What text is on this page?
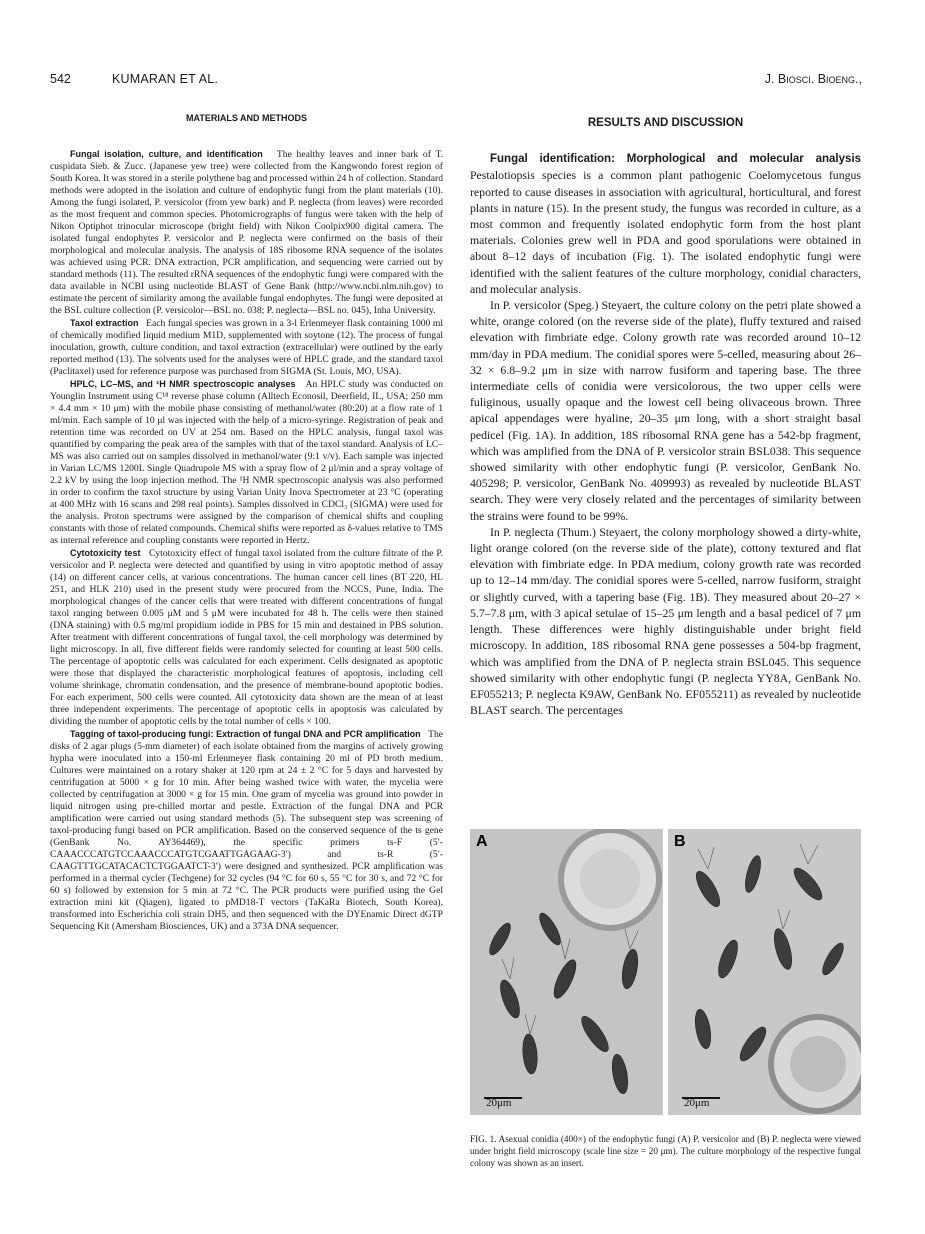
542	KUMARAN ET AL.	J. Biosci. Bioeng.,
MATERIALS AND METHODS

Fungal isolation, culture, and identification The healthy leaves and inner bark of T. cuspidata Sieb. & Zucc. (Japanese yew tree) were collected from the Kangwondo forest region of South Korea. It was stored in a sterile polythene bag and processed within 24 h of collection. Standard methods were adopted in the isolation and culture of endophytic fungi from the plant materials (10). Among the fungi isolated, P. versicolor (from yew bark) and P. neglecta (from leaves) were recorded as the most frequent and common species. Photomicrographs of fungus were taken with the help of Nikon Optiphot trinocular microscope (bright field) with Nikon Coolpix900 digital camera. The isolated fungal endophytes P. versicolor and P. neglecta were confirmed on the basis of their morphological and molecular analysis. The analysis of 18S ribosome RNA sequence of the isolates was achieved using PCR. DNA extraction, PCR amplification, and sequencing were carried out by standard methods (11). The resulted rRNA sequences of the endophytic fungi were compared with the data available in NCBI using nucleotide BLAST of Gene Bank (http://www.ncbi.nlm.nih.gov) to estimate the percent of similarity among the available fungal endophytes. The fungi were deposited at the BSL culture collection (P. versicolor—BSL no. 038; P. neglecta—BSL no. 045), Inha University.

Taxol extraction Each fungal species was grown in a 3-l Erlenmeyer flask containing 1000 ml of chemically modified liquid medium M1D, supplemented with soytone (12). The process of fungal inoculation, growth, culture condition, and taxol extraction (extracellular) were outlined by the early reported method (13). The solvents used for the analyses were of HPLC grade, and the standard taxol (Paclitaxel) used for reference purpose was purchased from SIGMA (St. Louis, MO, USA).

HPLC, LC–MS, and ¹H NMR spectroscopic analyses An HPLC study was conducted on Younglin Instrument using C¹⁸ reverse phase column (Alltech Econosil, Deerfield, IL, USA; 250 mm × 4.4 mm × 10 μm) with the mobile phase consisting of methanol/water (80:20) at a flow rate of 1 ml/min. Each sample of 10 μl was injected with the help of a micro-syringe. Registration of peak and retention time was recorded on UV at 254 nm. Based on the HPLC analysis, fungal taxol was quantified by comparing the peak area of the samples with that of the taxol standard. Analysis of LC–MS was also carried out on samples dissolved in methanol/water (9:1 v/v). Each sample was injected in Varian LC/MS 1200L Single Quadrupole MS with a spray flow of 2 μl/min and a spray voltage of 2.2 kV by using the loop injection method. The ¹H NMR spectroscopic analysis was also performed in order to confirm the taxol structure by using Varian Unity Inova Spectrometer at 23 °C (operating at 400 MHz with 16 scans and 298 real points). Samples dissolved in CDCl₃ (SIGMA) were used for the analysis. Proton spectrums were assigned by the comparison of chemical shifts and coupling constants with those of related compounds. Chemical shifts were reported as δ-values relative to TMS as internal reference and coupling constants were reported in Hertz.

Cytotoxicity test Cytotoxicity effect of fungal taxol isolated from the culture filtrate of the P. versicolor and P. neglecta were detected and quantified by using in vitro apoptotic method of assay (14) on different cancer cells, at various concentrations. The human cancer cell lines (BT 220, HL 251, and HLK 210) used in the present study were procured from the NCCS, Pune, India. The morphological changes of the cancer cells that were treated with different concentrations of fungal taxol ranging between 0.005 μM and 5 μM were incubated for 48 h. The cells were then stained (DNA staining) with 0.5 mg/ml propidium iodide in PBS for 15 min and destained in PBS solution. After treatment with different concentrations of fungal taxol, the cell morphology was determined by light microscopy. In all, five different fields were randomly selected for counting at least 500 cells. The percentage of apoptotic cells was calculated for each experiment. Cells designated as apoptotic were those that displayed the characteristic morphological features of apoptosis, including cell volume shrinkage, chromatin condensation, and the presence of membrane-bound apoptotic bodies. For each experiment, 500 cells were counted. All cytotoxicity data shown are the mean of at least three independent experiments. The percentage of apoptotic cells in apoptosis was calculated by dividing the number of apoptotic cells by the total number of cells × 100.

Tagging of taxol-producing fungi: Extraction of fungal DNA and PCR amplification The disks of 2 agar plugs (5-mm diameter) of each isolate obtained from the margins of actively growing hypha were inoculated into a 150-ml Erlenmeyer flask containing 20 ml of PD broth medium. Cultures were maintained on a rotary shaker at 120 rpm at 24 ± 2 °C for 5 days and harvested by centrifugation at 5000 × g for 10 min. After being washed twice with water, the mycelia were collected by centrifugation at 3000 × g for 15 min. One gram of mycelia was ground into powder in liquid nitrogen using pre-chilled mortar and pestle. Extraction of the fungal DNA and PCR amplification were carried out using standard methods (5). The subsequent step was screening of taxol-producing fungi based on PCR amplification. Based on the conserved sequence of the ts gene (GenBank No. AY364469), the specific primers ts-F (5′-CAAACCCATGTCCAAACCCATGTCGAATTGAGAAG-3′) and ts-R (5′-CAAGTTTGCATACACTCTGGAATCT-3′) were designed and synthesized. PCR amplification was performed in a thermal cycler (Techgene) for 32 cycles (94 °C for 60 s, 55 °C for 30 s, and 72 °C for 60 s) followed by extension for 5 min at 72 °C. The PCR products were purified using the Gel extraction mini kit (Qiagen), ligated to pMD18-T vectors (TaKaRa Biotech, South Korea), transformed into Escherichia coli strain DH5, and then sequenced with the DYEnamic Direct dGTP Sequencing Kit (Amersham Biosciences, UK) and a 373A DNA sequencer.

RESULTS AND DISCUSSION

Fungal identification: Morphological and molecular analysis Pestalotiopsis species is a common plant pathogenic Coelomycetous fungus reported to cause diseases in association with agricultural, horticultural, and forest plants in nature (15). In the present study, the fungus was recorded in culture, as a most common and frequently isolated endophytic form from the host plant materials. Colonies grew well in PDA and good sporulations were obtained in about 8–12 days of incubation (Fig. 1). The isolated endophytic fungi were identified with the salient features of the culture morphology, conidial characters, and molecular analysis.

In P. versicolor (Speg.) Steyaert, the culture colony on the petri plate showed a white, orange colored (on the reverse side of the plate), fluffy textured and raised elevation with fimbriate edge. Colony growth rate was recorded around 10–12 mm/day in PDA medium. The conidial spores were 5-celled, measuring about 26–32 × 6.8–9.2 μm in size with narrow fusiform and tapering base. The three intermediate cells of conidia were versicolorous, the two upper cells were fuliginous, usually opaque and the lowest cell being olivaceous brown. Three apical appendages were hyaline, 20–35 μm long, with a short straight basal pedicel (Fig. 1A). In addition, 18S ribosomal RNA gene has a 542-bp fragment, which was amplified from the DNA of P. versicolor strain BSL038. This sequence showed similarity with other endophytic fungi (P. versicolor, GenBank No. 405298; P. versicolor, GenBank No. 409993) as revealed by nucleotide BLAST search. They were very closely related and the percentages of similarity between the strains were found to be 99%.

In P. neglecta (Thum.) Steyaert, the colony morphology showed a dirty-white, light orange colored (on the reverse side of the plate), cottony textured and flat elevation with fimbriate edge. In PDA medium, colony growth rate was recorded up to 12–14 mm/day. The conidial spores were 5-celled, narrow fusiform, straight or slightly curved, with a tapering base (Fig. 1B). They measured about 20–27 × 5.7–7.8 μm, with 3 apical setulae of 15–25 μm length and a basal pedicel of 7 μm length. These differences were highly distinguishable under bright field microscopy. In addition, 18S ribosomal RNA gene possesses a 504-bp fragment, which was amplified from the DNA of P. neglecta strain BSL045. This sequence showed similarity with other endophytic fungi (P. neglecta YY8A, GenBank No. EF055213; P. neglecta K9AW, GenBank No. EF055211) as revealed by nucleotide BLAST search. The percentages

A
20μm
B
20μm
FIG. 1. Asexual conidia (400×) of the endophytic fungi (A) P. versicolor and (B) P. neglecta were viewed under bright field microscopy (scale line size = 20 μm). The culture morphology of the respective fungal colony was shown as an insert.
